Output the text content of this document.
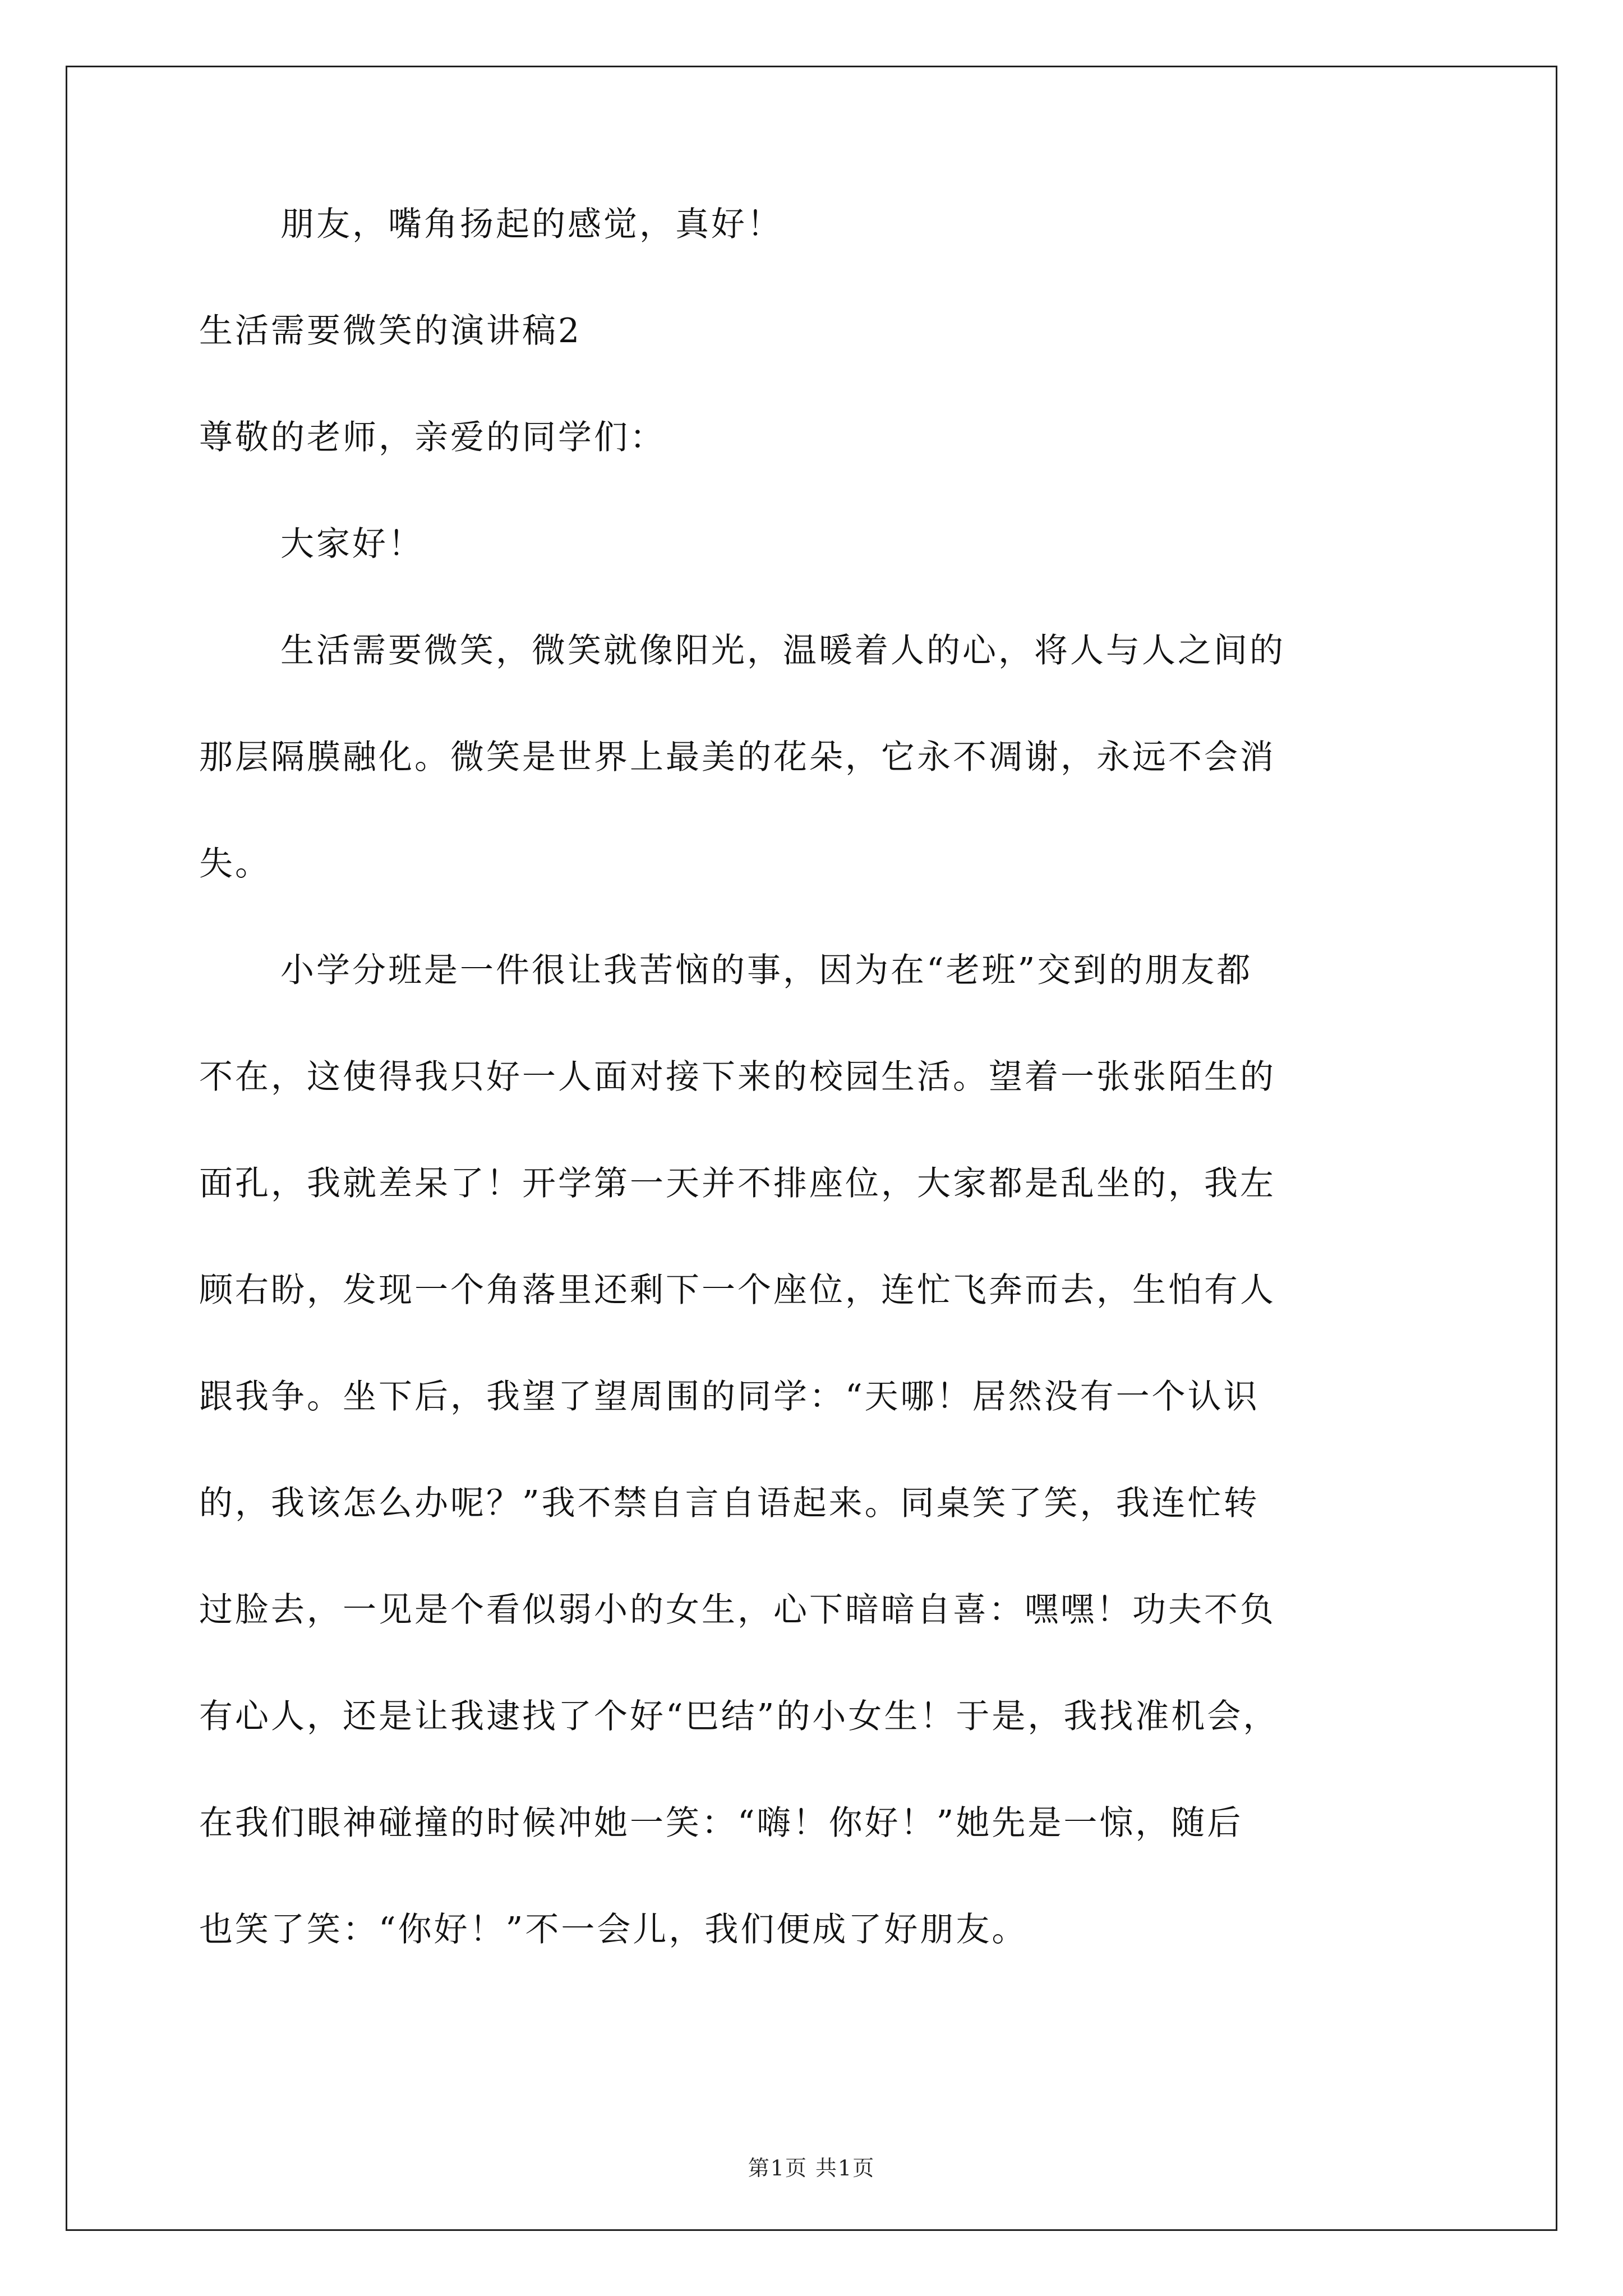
朋友，嘴角扬起的感觉，真好！

生活需要微笑的演讲稿2

尊敬的老师，亲爱的同学们：

大家好！

生活需要微笑，微笑就像阳光，温暖着人的心，将人与人之间的

那层隔膜融化。微笑是世界上最美的花朵，它永不凋谢，永远不会消

失。

小学分班是一件很让我苦恼的事，因为在“老班”交到的朋友都

不在，这使得我只好一人面对接下来的校园生活。望着一张张陌生的

面孔，我就差呆了！开学第一天并不排座位，大家都是乱坐的，我左

顾右盼，发现一个角落里还剩下一个座位，连忙飞奔而去，生怕有人

跟我争。坐下后，我望了望周围的同学：“天哪！居然没有一个认识

的，我该怎么办呢？”我不禁自言自语起来。同桌笑了笑，我连忙转

过脸去，一见是个看似弱小的女生，心下暗暗自喜：嘿嘿！功夫不负

有心人，还是让我逮找了个好“巴结”的小女生！于是，我找准机会，

在我们眼神碰撞的时候冲她一笑：“嗨！你好！”她先是一惊，随后

也笑了笑：“你好！”不一会儿，我们便成了好朋友。

第1页 共1页
